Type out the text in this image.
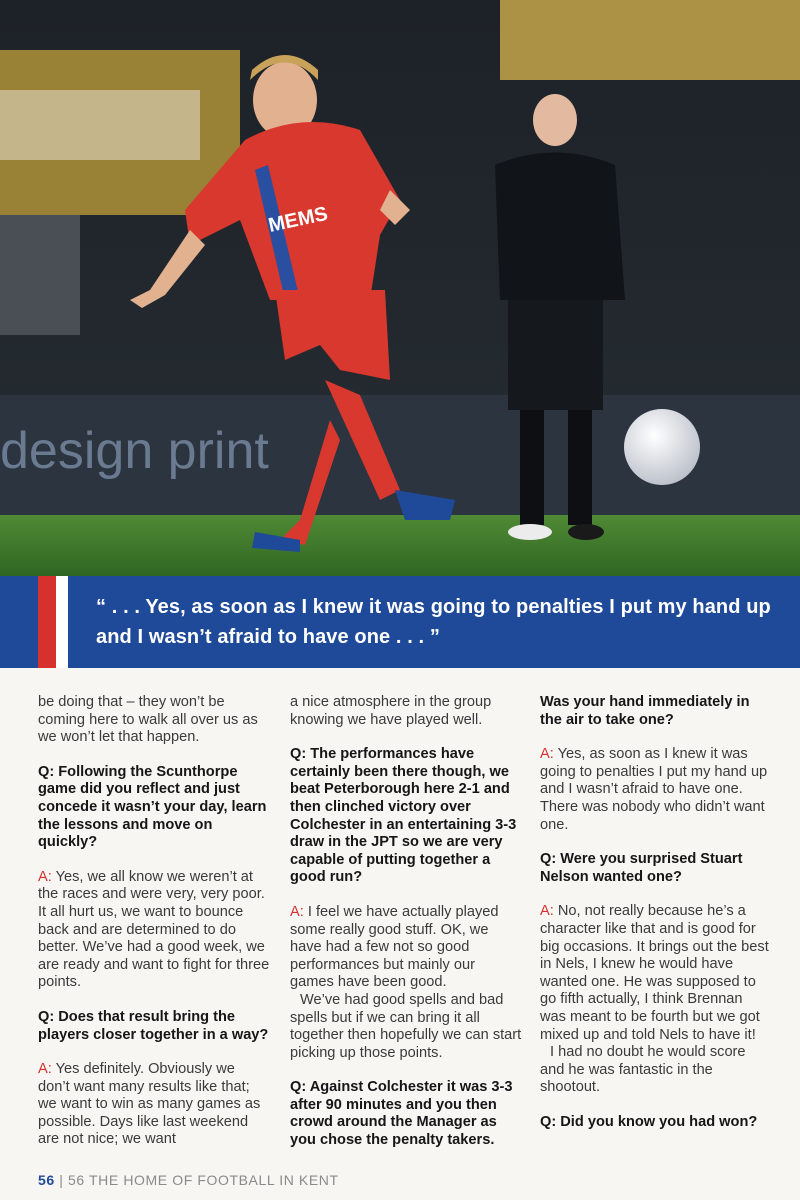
design print
MEMS

“ . . . Yes, as soon as I knew it was going to penalties I put my hand up and I wasn’t afraid to have one . . . ”

be doing that – they won’t be coming here to walk all over us as we won’t let that happen.

Q: Following the Scunthorpe game did you reflect and just concede it wasn’t your day, learn the lessons and move on quickly?

A: Yes, we all know we weren’t at the races and were very, very poor. It all hurt us, we want to bounce back and are determined to do better. We’ve had a good week, we are ready and want to fight for three points.

Q: Does that result bring the players closer together in a way?

A: Yes definitely. Obviously we don’t want many results like that; we want to win as many games as possible. Days like last weekend are not nice; we want

a nice atmosphere in the group knowing we have played well.

Q: The performances have certainly been there though, we beat Peterborough here 2-1 and then clinched victory over Colchester in an entertaining 3-3 draw in the JPT so we are very capable of putting together a good run?

A: I feel we have actually played some really good stuff. OK, we have had a few not so good performances but mainly our games have been good.

We’ve had good spells and bad spells but if we can bring it all together then hopefully we can start picking up those points.

Q: Against Colchester it was 3-3 after 90 minutes and you then crowd around the Manager as you chose the penalty takers.

Was your hand immediately in the air to take one?

A: Yes, as soon as I knew it was going to penalties I put my hand up and I wasn’t afraid to have one. There was nobody who didn’t want one.

Q: Were you surprised Stuart Nelson wanted one?

A: No, not really because he’s a character like that and is good for big occasions. It brings out the best in Nels, I knew he would have wanted one. He was supposed to go fifth actually, I think Brennan was meant to be fourth but we got mixed up and told Nels to have it!

I had no doubt he would score and he was fantastic in the shootout.

Q: Did you know you had won?

56 | 56 THE HOME OF FOOTBALL IN KENT
